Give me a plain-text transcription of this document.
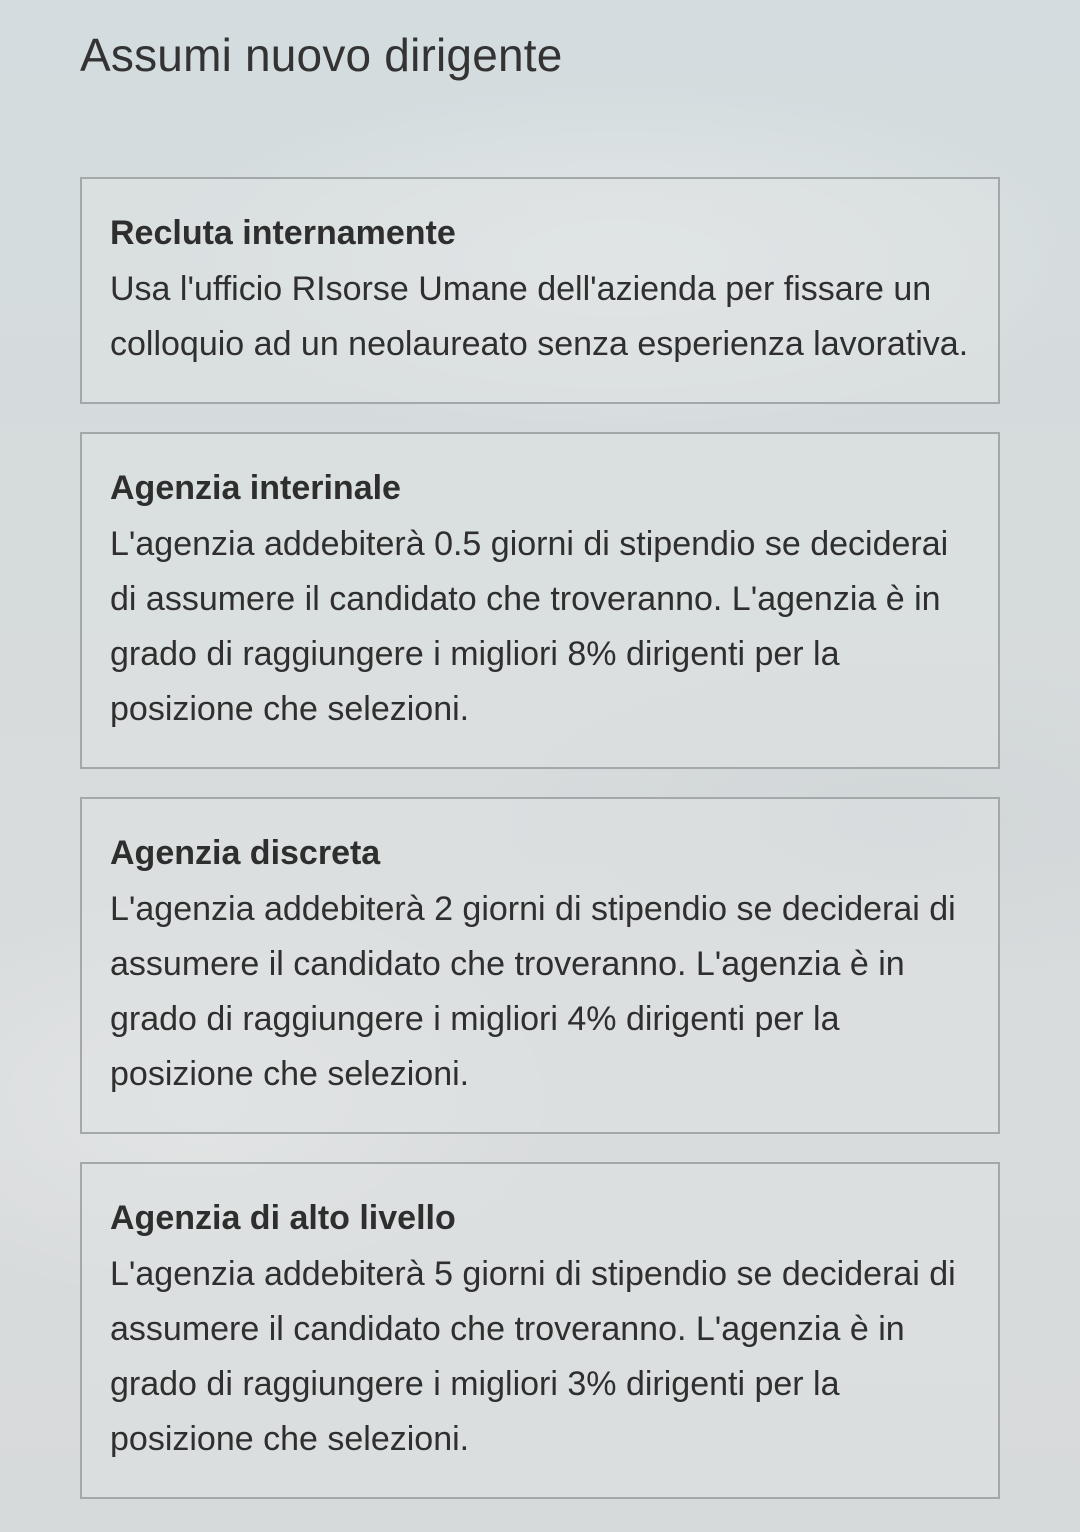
Assumi nuovo dirigente

Recluta internamente

Usa l'ufficio RIsorse Umane dell'azienda per fissare un colloquio ad un neolaureato senza esperienza lavorativa.

Agenzia interinale

L'agenzia addebiterà 0.5 giorni di stipendio se deciderai di assumere il candidato che troveranno. L'agenzia è in grado di raggiungere i migliori 8% dirigenti per la posizione che selezioni.

Agenzia discreta

L'agenzia addebiterà 2 giorni di stipendio se deciderai di assumere il candidato che troveranno. L'agenzia è in grado di raggiungere i migliori 4% dirigenti per la posizione che selezioni.

Agenzia di alto livello

L'agenzia addebiterà 5 giorni di stipendio se deciderai di assumere il candidato che troveranno. L'agenzia è in grado di raggiungere i migliori 3% dirigenti per la posizione che selezioni.
